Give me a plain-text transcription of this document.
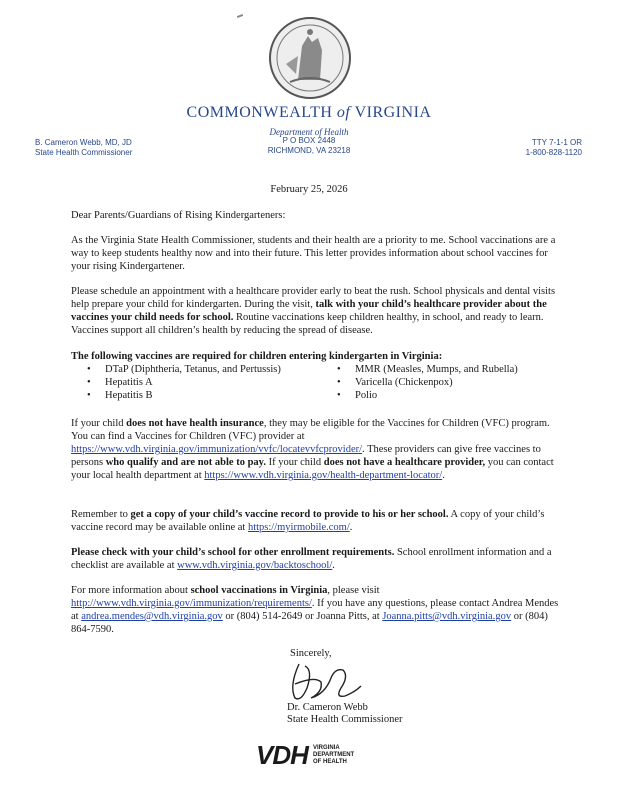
COMMONWEALTH of VIRGINIA
Department of Health
P O BOX 2448
RICHMOND, VA 23218
B. Cameron Webb, MD, JD
State Health Commissioner
TTY 7-1-1 OR
1-800-828-1120
February 25, 2026
Dear Parents/Guardians of Rising Kindergarteners:
As the Virginia State Health Commissioner, students and their health are a priority to me. School vaccinations are a way to keep students healthy now and into their future. This letter provides information about school vaccines for your rising Kindergartener.
Please schedule an appointment with a healthcare provider early to beat the rush. School physicals and dental visits help prepare your child for kindergarten. During the visit, talk with your child’s healthcare provider about the vaccines your child needs for school. Routine vaccinations keep children healthy, in school, and ready to learn. Vaccines support all children’s health by reducing the spread of disease.
The following vaccines are required for children entering kindergarten in Virginia:
• DTaP (Diphtheria, Tetanus, and Pertussis)
• Hepatitis A
• Hepatitis B
• MMR (Measles, Mumps, and Rubella)
• Varicella (Chickenpox)
• Polio
If your child does not have health insurance, they may be eligible for the Vaccines for Children (VFC) program. You can find a Vaccines for Children (VFC) provider at https://www.vdh.virginia.gov/immunization/vvfc/locatevvfcprovider/. These providers can give free vaccines to persons who qualify and are not able to pay. If your child does not have a healthcare provider, you can contact your local health department at https://www.vdh.virginia.gov/health-department-locator/.
Remember to get a copy of your child’s vaccine record to provide to his or her school. A copy of your child’s vaccine record may be available online at https://myirmobile.com/.
Please check with your child’s school for other enrollment requirements. School enrollment information and a checklist are available at www.vdh.virginia.gov/backtoschool/.
For more information about school vaccinations in Virginia, please visit http://www.vdh.virginia.gov/immunization/requirements/. If you have any questions, please contact Andrea Mendes at andrea.mendes@vdh.virginia.gov or (804) 514-2649 or Joanna Pitts, at Joanna.pitts@vdh.virginia.gov or (804) 864-7590.
Sincerely,
Dr. Cameron Webb
State Health Commissioner
VDH VIRGINIA
DEPARTMENT
OF HEALTH
